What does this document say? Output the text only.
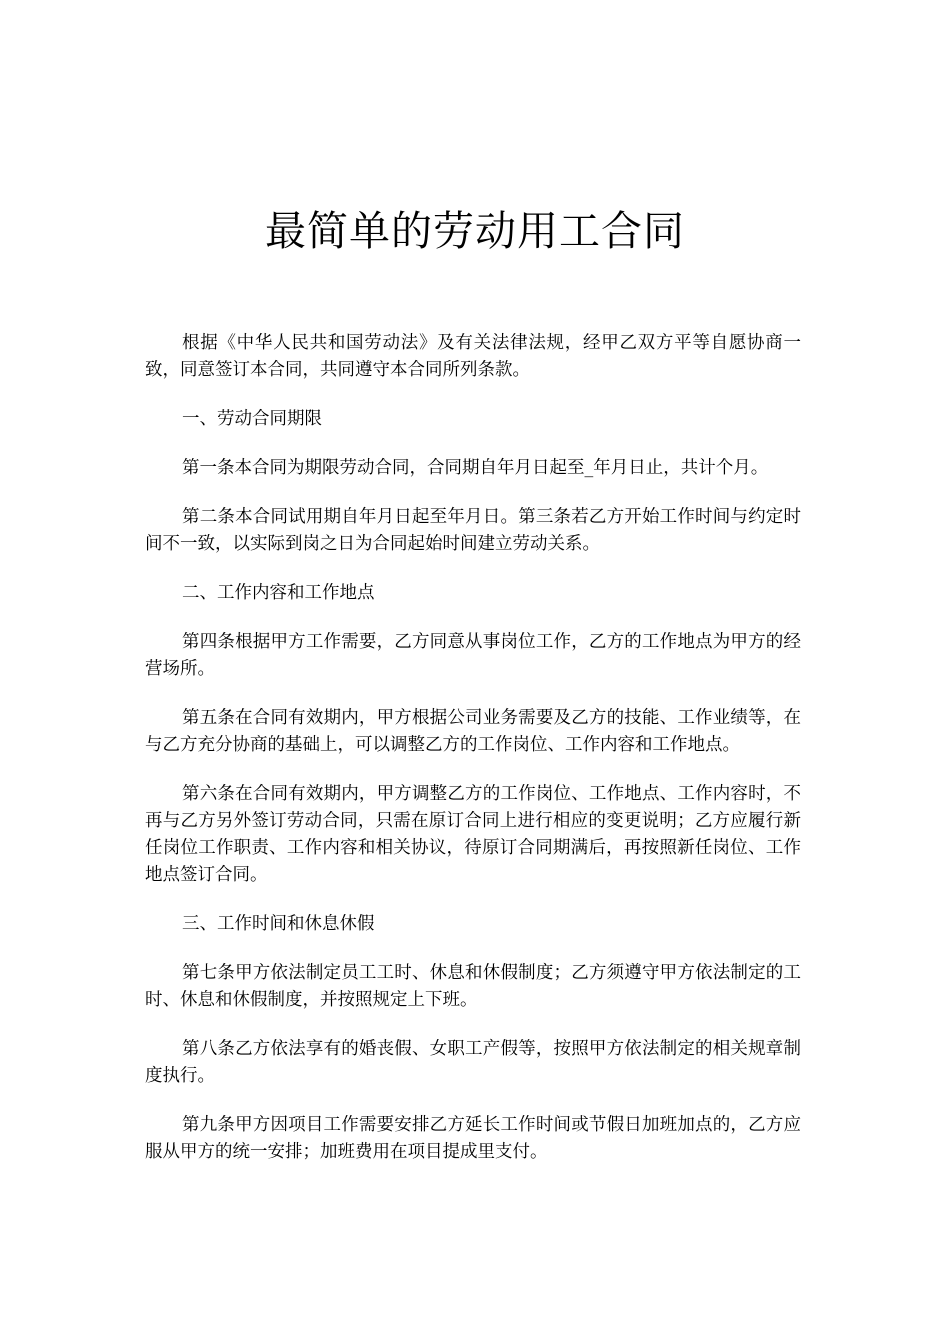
最简单的劳动用工合同

根据《中华人民共和国劳动法》及有关法律法规，经甲乙双方平等自愿协商一致，同意签订本合同，共同遵守本合同所列条款。

一、劳动合同期限

第一条本合同为期限劳动合同，合同期自年月日起至_年月日止，共计个月。

第二条本合同试用期自年月日起至年月日。第三条若乙方开始工作时间与约定时间不一致，以实际到岗之日为合同起始时间建立劳动关系。

二、工作内容和工作地点

第四条根据甲方工作需要，乙方同意从事岗位工作，乙方的工作地点为甲方的经营场所。

第五条在合同有效期内，甲方根据公司业务需要及乙方的技能、工作业绩等，在与乙方充分协商的基础上，可以调整乙方的工作岗位、工作内容和工作地点。

第六条在合同有效期内，甲方调整乙方的工作岗位、工作地点、工作内容时，不再与乙方另外签订劳动合同，只需在原订合同上进行相应的变更说明；乙方应履行新任岗位工作职责、工作内容和相关协议，待原订合同期满后，再按照新任岗位、工作地点签订合同。

三、工作时间和休息休假

第七条甲方依法制定员工工时、休息和休假制度；乙方须遵守甲方依法制定的工时、休息和休假制度，并按照规定上下班。

第八条乙方依法享有的婚丧假、女职工产假等，按照甲方依法制定的相关规章制度执行。

第九条甲方因项目工作需要安排乙方延长工作时间或节假日加班加点的，乙方应服从甲方的统一安排；加班费用在项目提成里支付。
